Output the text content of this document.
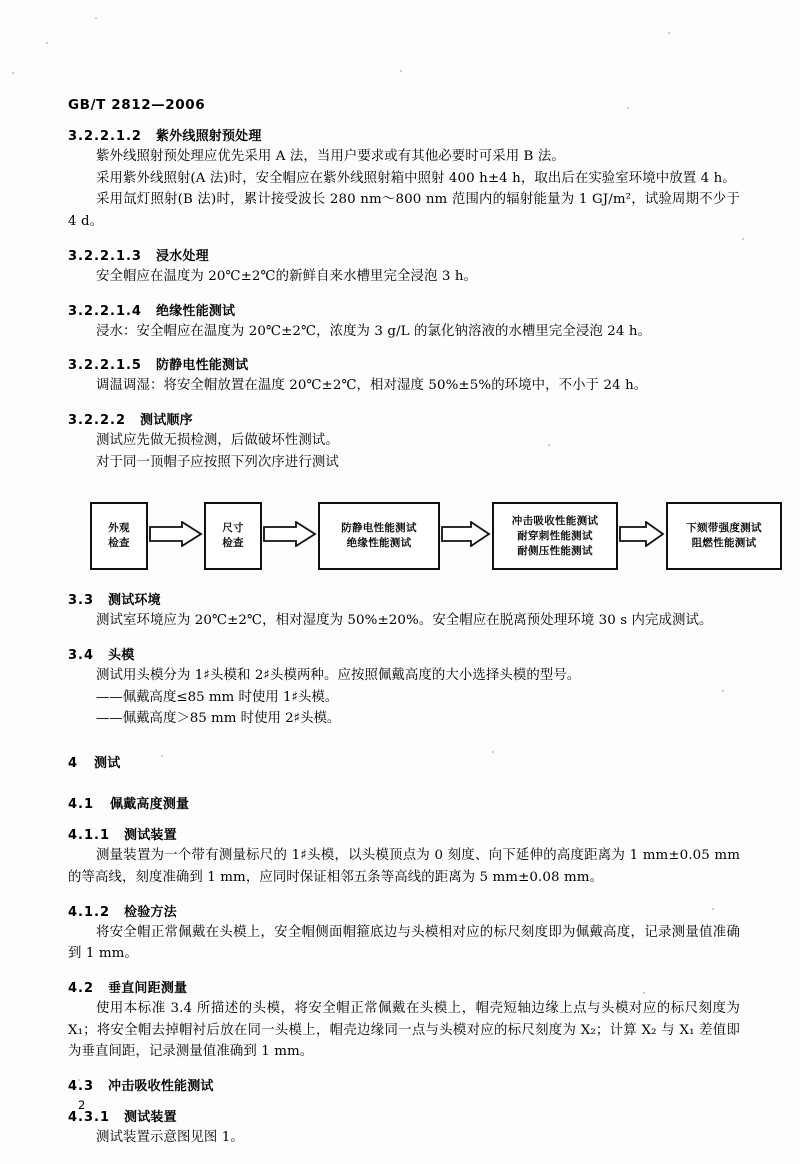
GB/T 2812—2006
3.2.2.1.2 紫外线照射预处理

紫外线照射预处理应优先采用 A 法，当用户要求或有其他必要时可采用 B 法。

采用紫外线照射(A 法)时，安全帽应在紫外线照射箱中照射 400 h±4 h，取出后在实验室环境中放置 4 h。

采用氙灯照射(B 法)时，累计接受波长 280 nm～800 nm 范围内的辐射能量为 1 GJ/m²，试验周期不少于 4 d。

3.2.2.1.3 浸水处理

安全帽应在温度为 20℃±2℃的新鲜自来水槽里完全浸泡 3 h。

3.2.2.1.4 绝缘性能测试

浸水：安全帽应在温度为 20℃±2℃，浓度为 3 g/L 的氯化钠溶液的水槽里完全浸泡 24 h。

3.2.2.1.5 防静电性能测试

调温调湿：将安全帽放置在温度 20℃±2℃，相对湿度 50%±5%的环境中，不小于 24 h。

3.2.2.2 测试顺序

测试应先做无损检测，后做破坏性测试。

对于同一顶帽子应按照下列次序进行测试

外观
检查
尺寸
检查
防静电性能测试
绝缘性能测试
冲击吸收性能测试
耐穿刺性能测试
耐侧压性能测试
下颏带强度测试
阻燃性能测试
3.3 测试环境

测试室环境应为 20℃±2℃，相对湿度为 50%±20%。安全帽应在脱离预处理环境 30 s 内完成测试。

3.4 头模

测试用头模分为 1♯头模和 2♯头模两种。应按照佩戴高度的大小选择头模的型号。

——佩戴高度≤85 mm 时使用 1♯头模。

——佩戴高度＞85 mm 时使用 2♯头模。

4 测试
4.1 佩戴高度测量
4.1.1 测试装置

测量装置为一个带有测量标尺的 1♯头模，以头模顶点为 0 刻度、向下延伸的高度距离为 1 mm±0.05 mm 的等高线，刻度准确到 1 mm，应同时保证相邻五条等高线的距离为 5 mm±0.08 mm。

4.1.2 检验方法

将安全帽正常佩戴在头模上，安全帽侧面帽箍底边与头模相对应的标尺刻度即为佩戴高度，记录测量值准确到 1 mm。

4.2 垂直间距测量

使用本标准 3.4 所描述的头模，将安全帽正常佩戴在头模上，帽壳短轴边缘上点与头模对应的标尺刻度为 X₁；将安全帽去掉帽衬后放在同一头模上，帽壳边缘同一点与头模对应的标尺刻度为 X₂；计算 X₂ 与 X₁ 差值即为垂直间距，记录测量值准确到 1 mm。

4.3 冲击吸收性能测试
4.3.1 测试装置

测试装置示意图见图 1。

2
